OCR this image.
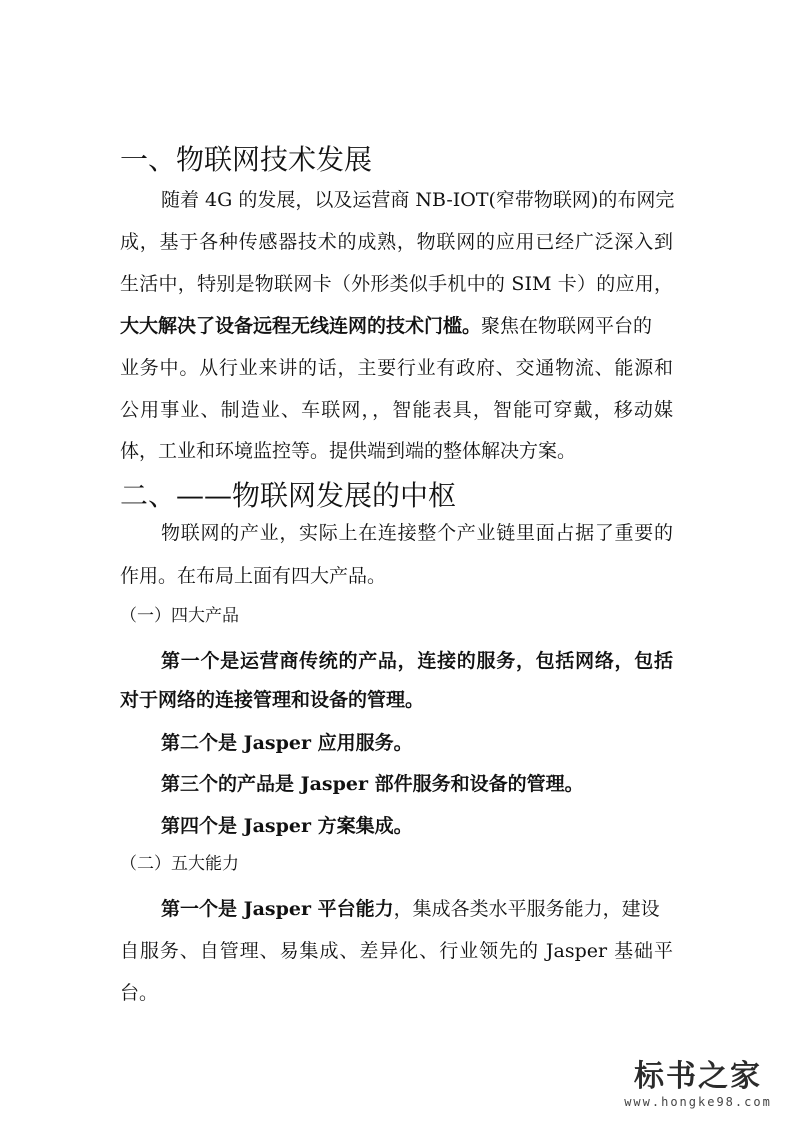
一、物联网技术发展
随着 4G 的发展，以及运营商 NB-IOT(窄带物联网)的布网完
成，基于各种传感器技术的成熟，物联网的应用已经广泛深入到
生活中，特别是物联网卡（外形类似手机中的 SIM 卡）的应用，
大大解决了设备远程无线连网的技术门槛。聚焦在物联网平台的
业务中。从行业来讲的话，主要行业有政府、交通物流、能源和
公用事业、制造业、车联网，，智能表具，智能可穿戴，移动媒
体，工业和环境监控等。提供端到端的整体解决方案。
二、——物联网发展的中枢
物联网的产业，实际上在连接整个产业链里面占据了重要的
作用。在布局上面有四大产品。
（一）四大产品
第一个是运营商传统的产品，连接的服务，包括网络，包括
对于网络的连接管理和设备的管理。
第二个是 Jasper 应用服务。
第三个的产品是 Jasper 部件服务和设备的管理。
第四个是 Jasper 方案集成。
（二）五大能力
第一个是 Jasper 平台能力，集成各类水平服务能力，建设
自服务、自管理、易集成、差异化、行业领先的 Jasper 基础平
台。
标书之家
www.hongke98.com
